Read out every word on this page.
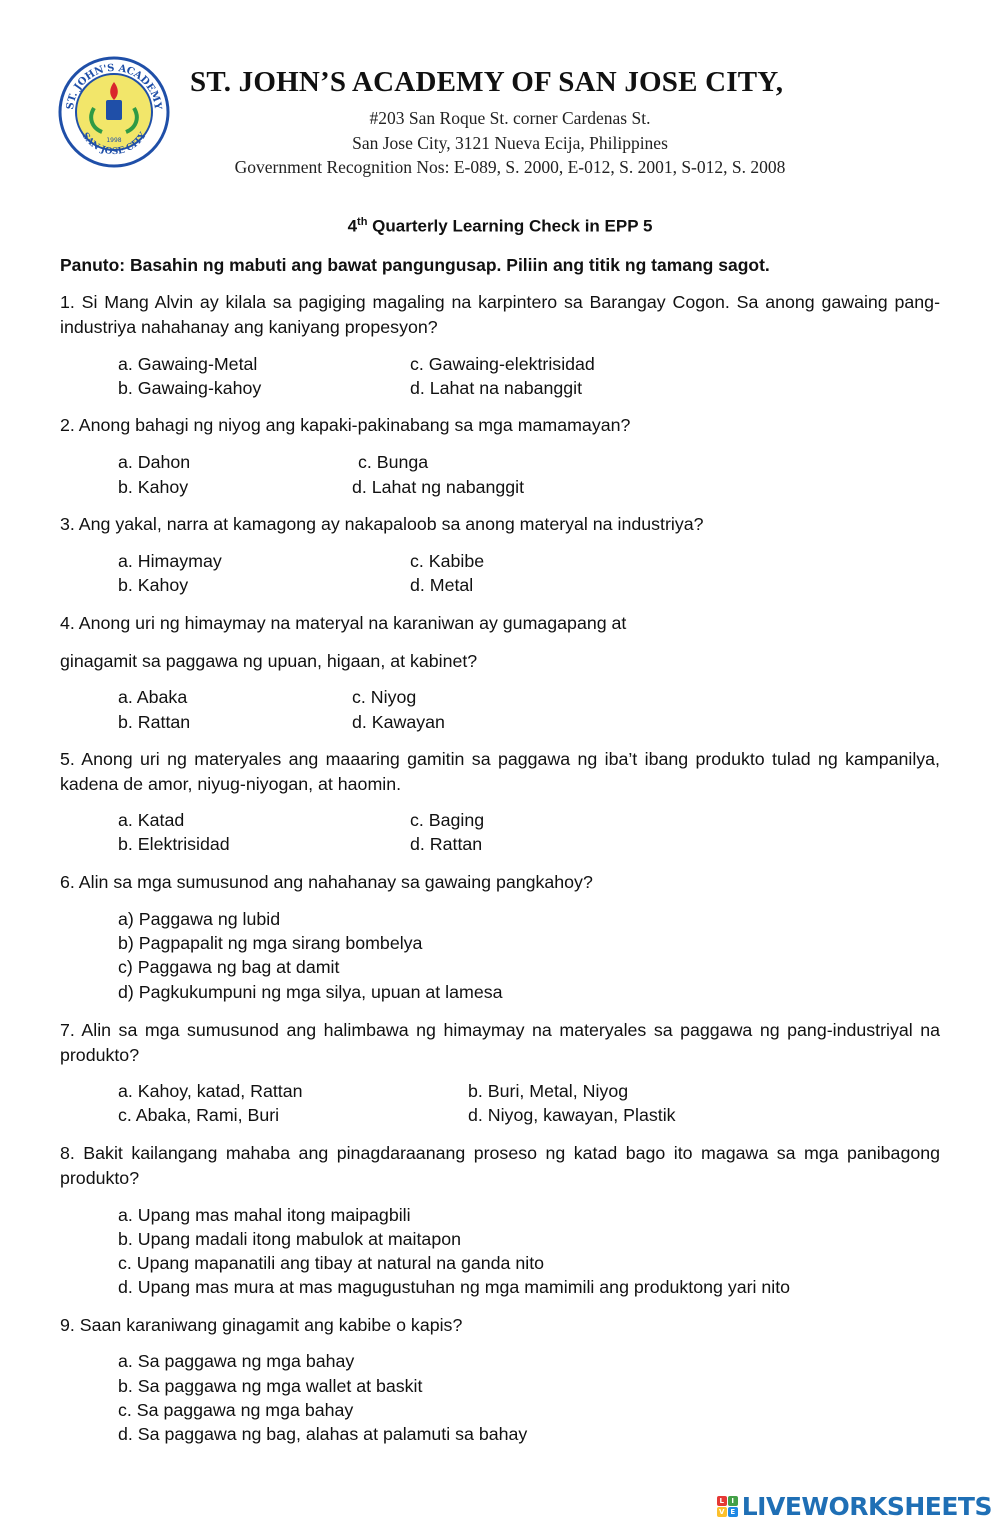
ST. JOHN'S ACADEMY
SAN JOSE CITY
1998
ST. JOHN’S ACADEMY OF SAN JOSE CITY,
#203 San Roque St. corner Cardenas St.
San Jose City, 3121 Nueva Ecija, Philippines
Government Recognition Nos: E-089, S. 2000, E-012, S. 2001, S-012, S. 2008
4th Quarterly Learning Check in EPP 5
Panuto: Basahin ng mabuti ang bawat pangungusap. Piliin ang titik ng tamang sagot.
1. Si Mang Alvin ay kilala sa pagiging magaling na karpintero sa Barangay Cogon. Sa anong gawaing pang-industriya nahahanay ang kaniyang propesyon?
a. Gawaing-Metal	c. Gawaing-elektrisidad
b. Gawaing-kahoy	d. Lahat na nabanggit
2. Anong bahagi ng niyog ang kapaki-pakinabang sa mga mamamayan?
a. Dahon	c. Bunga
b. Kahoy	d. Lahat ng nabanggit
3. Ang yakal, narra at kamagong ay nakapaloob sa anong materyal na industriya?
a. Himaymay	c. Kabibe
b. Kahoy	d. Metal
4. Anong uri ng himaymay na materyal na karaniwan ay gumagapang at
ginagamit sa paggawa ng upuan, higaan, at kabinet?
a. Abaka	c. Niyog
b. Rattan	d. Kawayan
5. Anong uri ng materyales ang maaaring gamitin sa paggawa ng iba’t ibang produkto tulad ng kampanilya, kadena de amor, niyug-niyogan, at haomin.
a. Katad	c. Baging
b. Elektrisidad	d. Rattan
6. Alin sa mga sumusunod ang nahahanay sa gawaing pangkahoy?
a) Paggawa ng lubid
b) Pagpapalit ng mga sirang bombelya
c) Paggawa ng bag at damit
d) Pagkukumpuni ng mga silya, upuan at lamesa
7. Alin sa mga sumusunod ang halimbawa ng himaymay na materyales sa paggawa ng pang-industriyal na produkto?
a. Kahoy, katad, Rattan	b. Buri, Metal, Niyog
c. Abaka, Rami, Buri	d. Niyog, kawayan, Plastik
8. Bakit kailangang mahaba ang pinagdaraanang proseso ng katad bago ito magawa sa mga panibagong produkto?
a. Upang mas mahal itong maipagbili
b. Upang madali itong mabulok at maitapon
c. Upang mapanatili ang tibay at natural na ganda nito
d. Upang mas mura at mas magugustuhan ng mga mamimili ang produktong yari nito
9. Saan karaniwang ginagamit ang kabibe o kapis?
a. Sa paggawa ng mga bahay
b. Sa paggawa ng mga wallet at baskit
c. Sa paggawa ng mga bahay
d. Sa paggawa ng bag, alahas at palamuti sa bahay
L	I
V E LIVEWORKSHEETS
